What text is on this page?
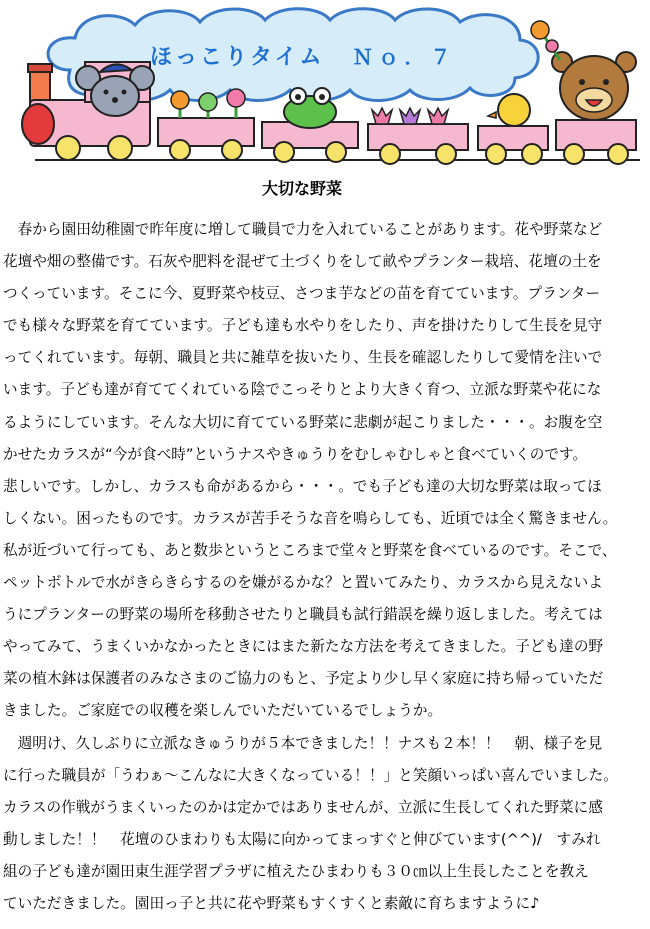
ほっこりタイム Ｎｏ．７
大切な野菜
　春から園田幼稚園で昨年度に増して職員で力を入れていることがあります。花や野菜など
花壇や畑の整備です。石灰や肥料を混ぜて土づくりをして畝やプランター栽培、花壇の土を
つくっています。そこに今、夏野菜や枝豆、さつま芋などの苗を育てています。プランター
でも様々な野菜を育てています。子ども達も水やりをしたり、声を掛けたりして生長を見守
ってくれています。毎朝、職員と共に雑草を抜いたり、生長を確認したりして愛情を注いで
います。子ども達が育ててくれている陰でこっそりとより大きく育つ、立派な野菜や花にな
るようにしています。そんな大切に育てている野菜に悲劇が起こりました・・・。お腹を空
かせたカラスが“今が食べ時”というナスやきゅうりをむしゃむしゃと食べていくのです。
悲しいです。しかし、カラスも命があるから・・・。でも子ども達の大切な野菜は取ってほ
しくない。困ったものです。カラスが苦手そうな音を鳴らしても、近頃では全く驚きません。
私が近づいて行っても、あと数歩というところまで堂々と野菜を食べているのです。そこで、
ペットボトルで水がきらきらするのを嫌がるかな？と置いてみたり、カラスから見えないよ
うにプランターの野菜の場所を移動させたりと職員も試行錯誤を繰り返しました。考えては
やってみて、うまくいかなかったときにはまた新たな方法を考えてきました。子ども達の野
菜の植木鉢は保護者のみなさまのご協力のもと、予定より少し早く家庭に持ち帰っていただ
きました。ご家庭での収穫を楽しんでいただいているでしょうか。
　週明け、久しぶりに立派なきゅうりが５本できました！！ナスも２本！！　朝、様子を見
に行った職員が「うわぁ～こんなに大きくなっている！！」と笑顔いっぱい喜んでいました。
カラスの作戦がうまくいったのかは定かではありませんが、立派に生長してくれた野菜に感
動しました！！　花壇のひまわりも太陽に向かってまっすぐと伸びています(^^)/　すみれ
組の子ども達が園田東生涯学習プラザに植えたひまわりも３０㎝以上生長したことを教え
ていただきました。園田っ子と共に花や野菜もすくすくと素敵に育ちますように♪
